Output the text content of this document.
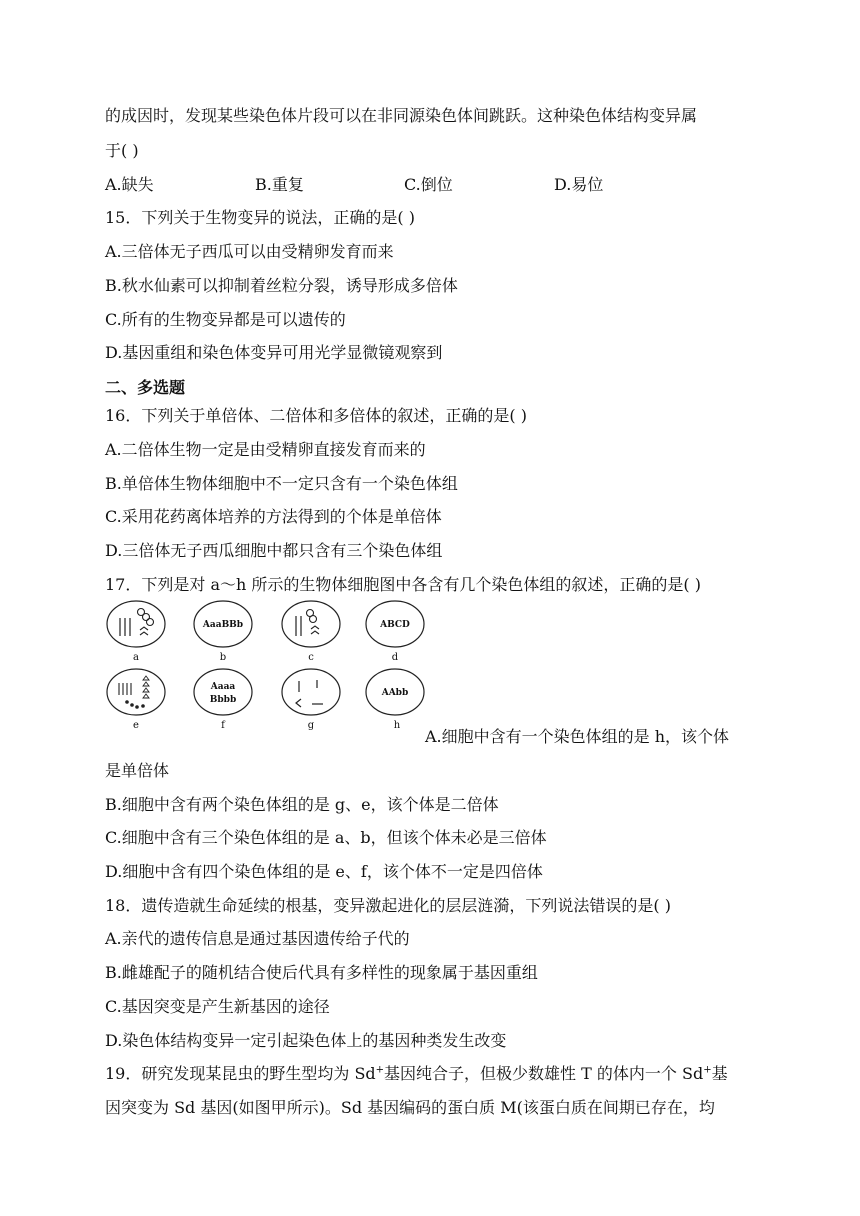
的成因时，发现某些染色体片段可以在非同源染色体间跳跃。这种染色体结构变异属
于( )
A.缺失	B.重复	C.倒位	D.易位
15．下列关于生物变异的说法，正确的是( )
A.三倍体无子西瓜可以由受精卵发育而来
B.秋水仙素可以抑制着丝粒分裂，诱导形成多倍体
C.所有的生物变异都是可以遗传的
D.基因重组和染色体变异可用光学显微镜观察到
二、多选题
16．下列关于单倍体、二倍体和多倍体的叙述，正确的是( )
A.二倍体生物一定是由受精卵直接发育而来的
B.单倍体生物体细胞中不一定只含有一个染色体组
C.采用花药离体培养的方法得到的个体是单倍体
D.三倍体无子西瓜细胞中都只含有三个染色体组
17．下列是对 a～h 所示的生物体细胞图中各含有几个染色体组的叙述，正确的是( )
a
AaaBBb
b	c
ABCD
d
e
Aaaa
Bbbb
f	g
AAbb
h
A.细胞中含有一个染色体组的是 h，该个体
是单倍体
B.细胞中含有两个染色体组的是 g、e，该个体是二倍体
C.细胞中含有三个染色体组的是 a、b，但该个体未必是三倍体
D.细胞中含有四个染色体组的是 e、f，该个体不一定是四倍体
18．遗传造就生命延续的根基，变异激起进化的层层涟漪，下列说法错误的是( )
A.亲代的遗传信息是通过基因遗传给子代的
B.雌雄配子的随机结合使后代具有多样性的现象属于基因重组
C.基因突变是产生新基因的途径
D.染色体结构变异一定引起染色体上的基因种类发生改变
19．研究发现某昆虫的野生型均为 Sd+基因纯合子，但极少数雄性 T 的体内一个 Sd+基
因突变为 Sd 基因(如图甲所示)。Sd 基因编码的蛋白质 M(该蛋白质在间期已存在，均
